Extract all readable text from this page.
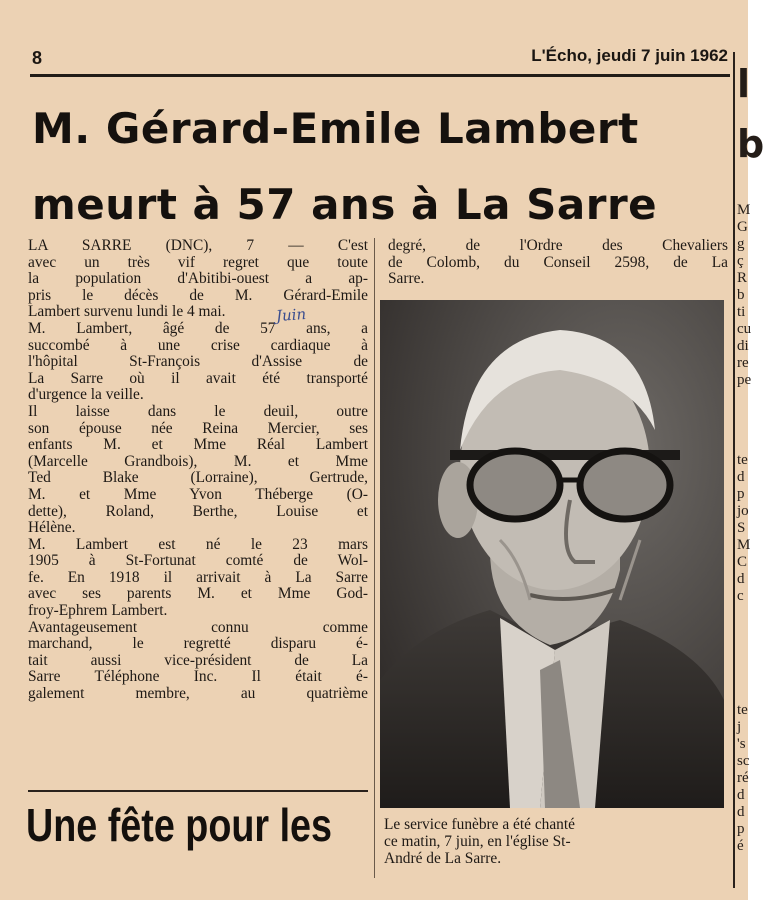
8	L'Écho, jeudi 7 juin 1962
M. Gérard-Emile Lambert
meurt à 57 ans à La Sarre
LA SARRE (DNC), 7 — C'est
avec un très vif regret que toute
la population d'Abitibi-ouest a ap-
pris le décès de M. Gérard-Emile
Lambert survenu lundi le 4 mai.
M. Lambert, âgé de 57 ans, a
succombé à une crise cardiaque à
l'hôpital St-François d'Assise de
La Sarre où il avait été transporté
d'urgence la veille.
Il laisse dans le deuil, outre
son épouse née Reina Mercier, ses
enfants M. et Mme Réal Lambert
(Marcelle Grandbois), M. et Mme
Ted Blake (Lorraine), Gertrude,
M. et Mme Yvon Théberge (O-
dette), Roland, Berthe, Louise et
Hélène.
M. Lambert est né le 23 mars
1905 à St-Fortunat comté de Wol-
fe. En 1918 il arrivait à La Sarre
avec ses parents M. et Mme God-
froy-Ephrem Lambert.
Avantageusement connu comme
marchand, le regretté disparu é-
tait aussi vice-président de La
Sarre Téléphone Inc. Il était é-
galement membre, au quatrième
degré, de l'Ordre des Chevaliers
de Colomb, du Conseil 2598, de La
Sarre.
Juin
Le service funèbre a été chanté
ce matin, 7 juin, en l'église St-
André de La Sarre.
Une fête pour les
l
b
M
G
g
ç
R
b
ti
cu
di
re
pe
te
d
p
jo
S
M
C
d
c
te
j
's
sc
ré
d
d
p
é
